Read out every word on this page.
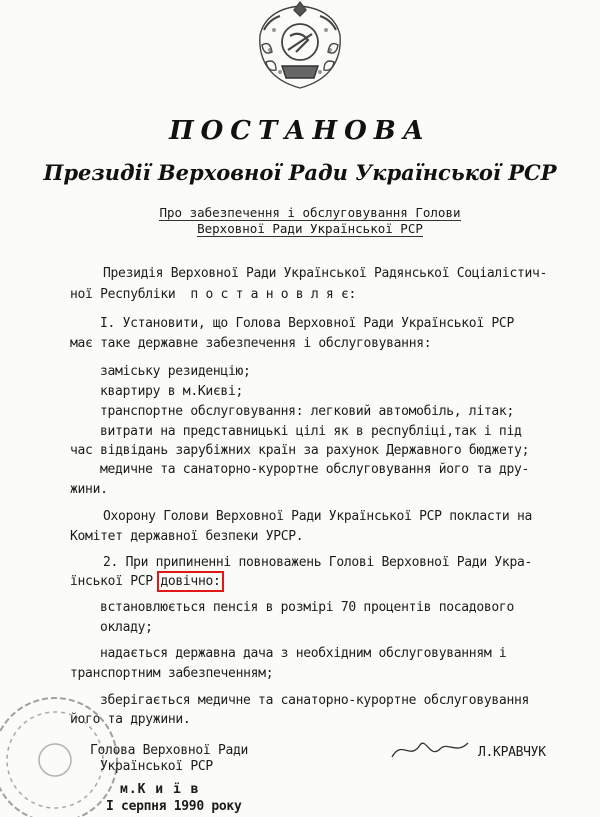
ПОСТАНОВА
Президії Верховної Ради Української РСР
Про забезпечення і обслуговування Голови
Верховної Ради Української РСР
Президія Верховної Ради Української Радянської Соціалістич-
ної Республіки  п о с т а н о в л я є:
І. Установити, що Голова Верховної Ради Української РСР
має таке державне забезпечення і обслуговування:
заміську резиденцію;
квартиру в м.Києві;
транспортне обслуговування: легковий автомобіль, літак;
витрати на представницькі цілі як в республіці,так і під
час відвідань зарубіжних країн за рахунок Державного бюджету;
медичне та санаторно-курортне обслуговування його та дру-
жини.
Охорону Голови Верховної Ради Української РСР покласти на
Комітет державної безпеки УРСР.
2. При припиненні повноважень Голові Верховної Ради Укра-
їнської РСР довічно:
встановлюється пенсія в розмірі 70 процентів посадового
окладу;
надається державна дача з необхідним обслуговуванням і
транспортним забезпеченням;
зберігається медичне та санаторно-курортне обслуговування
його та дружини.
Голова Верховної Ради
Української РСР
Л.КРАВЧУК
м.К и ї в
І серпня 1990 року
